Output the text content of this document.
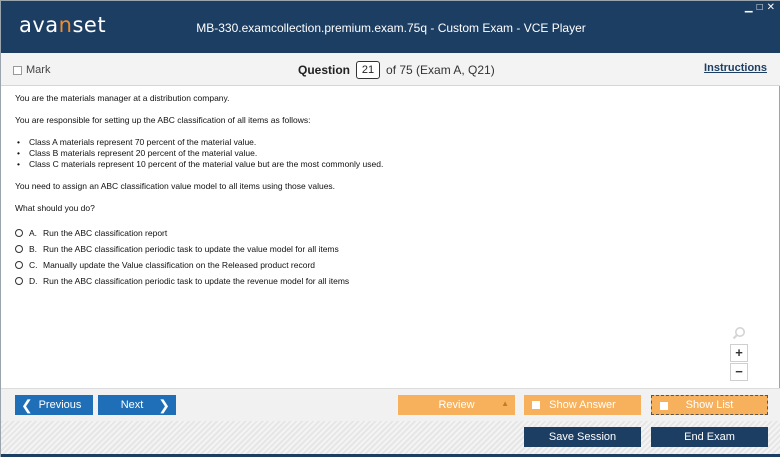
avanset	MB-330.examcollection.premium.exam.75q - Custom Exam - VCE Player
▁ □ ✕
Mark	Question	21 of 75 (Exam A, Q21)	Instructions

You are the materials manager at a distribution company.

You are responsible for setting up the ABC classification of all items as follows:

• Class A materials represent 70 percent of the material value.
• Class B materials represent 20 percent of the material value.
• Class C materials represent 10 percent of the material value but are the most commonly used.

You need to assign an ABC classification value model to all items using those values.

What should you do?

A. Run the ABC classification report
B. Run the ABC classification periodic task to update the value model for all items
C. Manually update the Value classification on the Released product record
D. Run the ABC classification periodic task to update the revenue model for all items
+
−
❮ Previous	Next ❯	Review	▲	Show Answer	Show List
Save Session	End Exam
